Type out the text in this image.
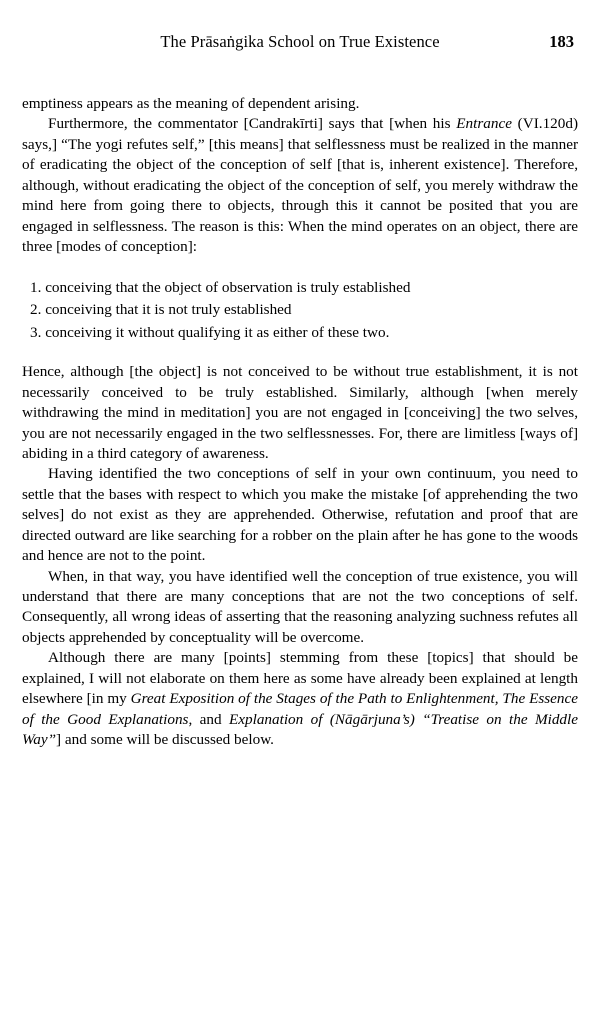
The Prāsaṅgika School on True Existence	183

emptiness appears as the meaning of dependent arising.

Furthermore, the commentator [Candrakīrti] says that [when his Entrance (VI.120d) says,] “The yogi refutes self,” [this means] that selflessness must be realized in the manner of eradicating the object of the conception of self [that is, inherent existence]. Therefore, although, without eradicating the object of the conception of self, you merely withdraw the mind here from going there to objects, through this it cannot be posited that you are engaged in selflessness. The reason is this: When the mind operates on an object, there are three [modes of conception]:

1. conceiving that the object of observation is truly established
2. conceiving that it is not truly established
3. conceiving it without qualifying it as either of these two.

Hence, although [the object] is not conceived to be without true establishment, it is not necessarily conceived to be truly established. Similarly, although [when merely withdrawing the mind in meditation] you are not engaged in [conceiving] the two selves, you are not necessarily engaged in the two selflessnesses. For, there are limitless [ways of] abiding in a third category of awareness.

Having identified the two conceptions of self in your own continuum, you need to settle that the bases with respect to which you make the mistake [of apprehending the two selves] do not exist as they are apprehended. Otherwise, refutation and proof that are directed outward are like searching for a robber on the plain after he has gone to the woods and hence are not to the point.

When, in that way, you have identified well the conception of true existence, you will understand that there are many conceptions that are not the two conceptions of self. Consequently, all wrong ideas of asserting that the reasoning analyzing suchness refutes all objects apprehended by conceptuality will be overcome.

Although there are many [points] stemming from these [topics] that should be explained, I will not elaborate on them here as some have already been explained at length elsewhere [in my Great Exposition of the Stages of the Path to Enlightenment, The Essence of the Good Explanations, and Explanation of (Nāgārjuna’s) “Treatise on the Middle Way”] and some will be discussed below.
